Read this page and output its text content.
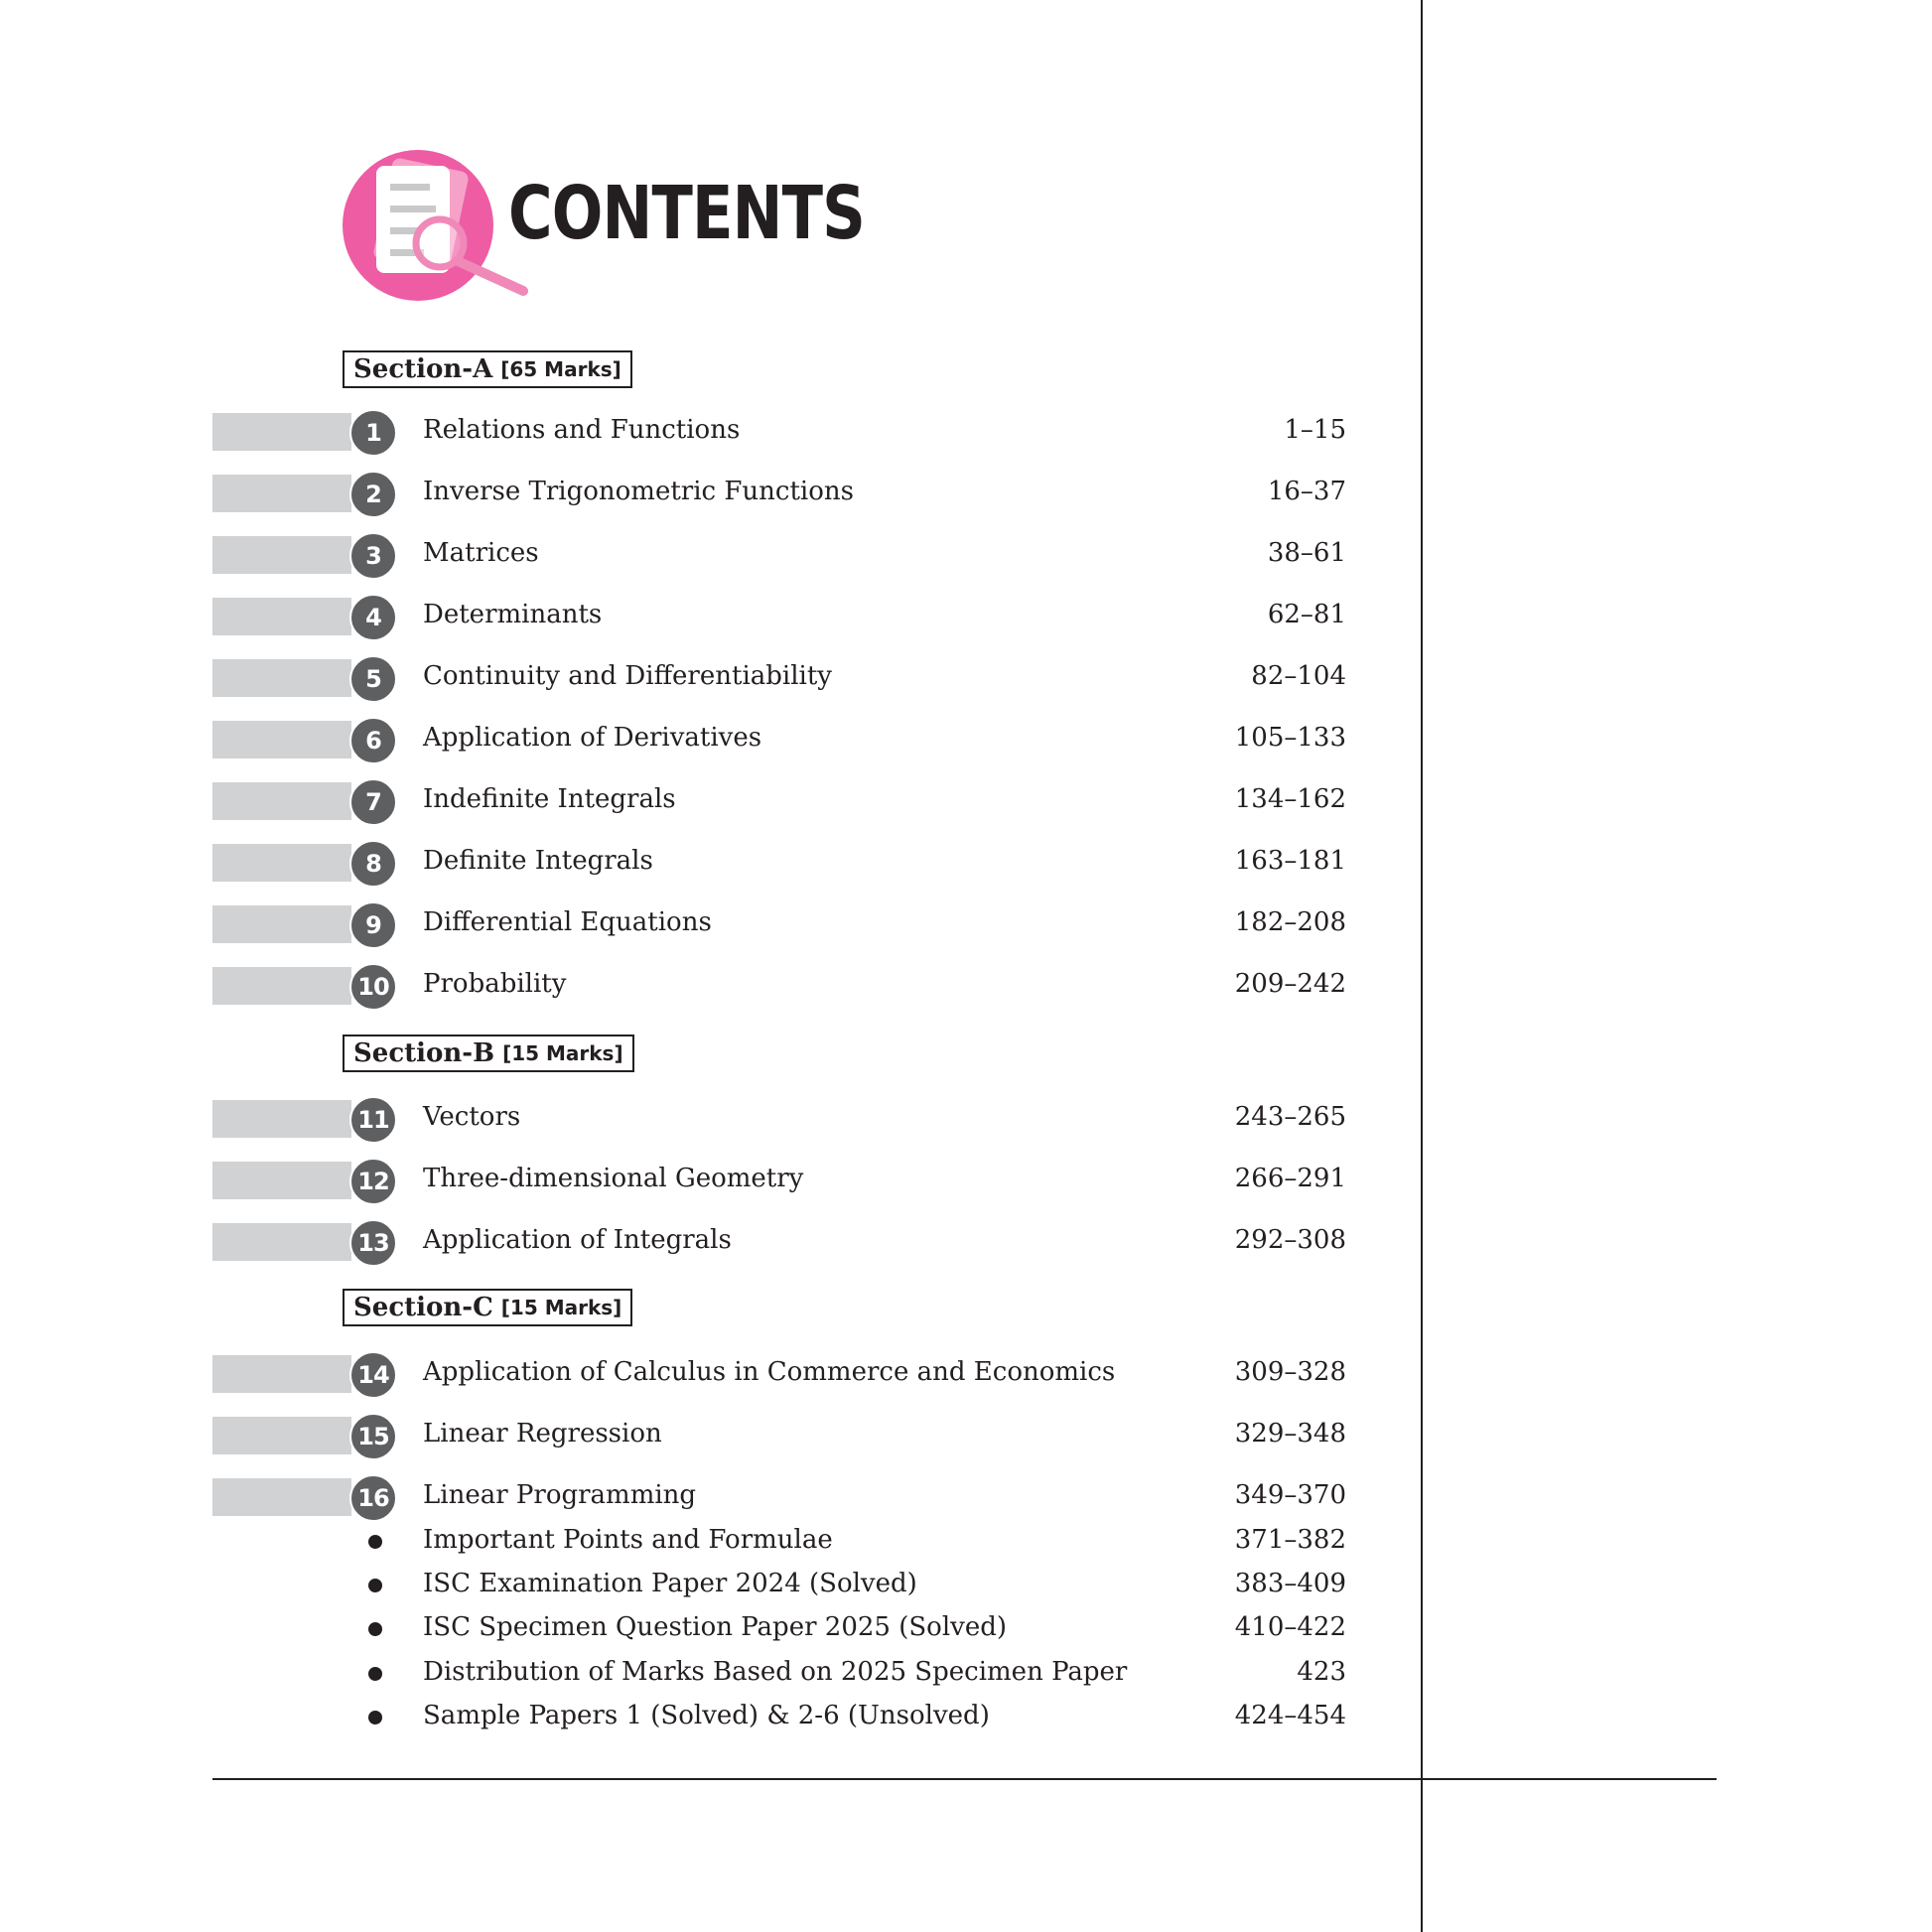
CONTENTS
Section-A [65 Marks]
Section-B [15 Marks]
Section-C [15 Marks]
1	Relations and Functions	1–15
2	Inverse Trigonometric Functions	16–37
3	Matrices	38–61
4	Determinants	62–81
5	Continuity and Differentiability	82–104
6	Application of Derivatives	105–133
7	Indefinite Integrals	134–162
8	Definite Integrals	163–181
9	Differential Equations	182–208
10	Probability	209–242
11	Vectors	243–265
12	Three-dimensional Geometry	266–291
13	Application of Integrals	292–308
14	Application of Calculus in Commerce and Economics	309–328
15	Linear Regression	329–348
16	Linear Programming	349–370
Important Points and Formulae	371–382
ISC Examination Paper 2024 (Solved)	383–409
ISC Specimen Question Paper 2025 (Solved)	410–422
Distribution of Marks Based on 2025 Specimen Paper	423
Sample Papers 1 (Solved) & 2-6 (Unsolved)	424–454
